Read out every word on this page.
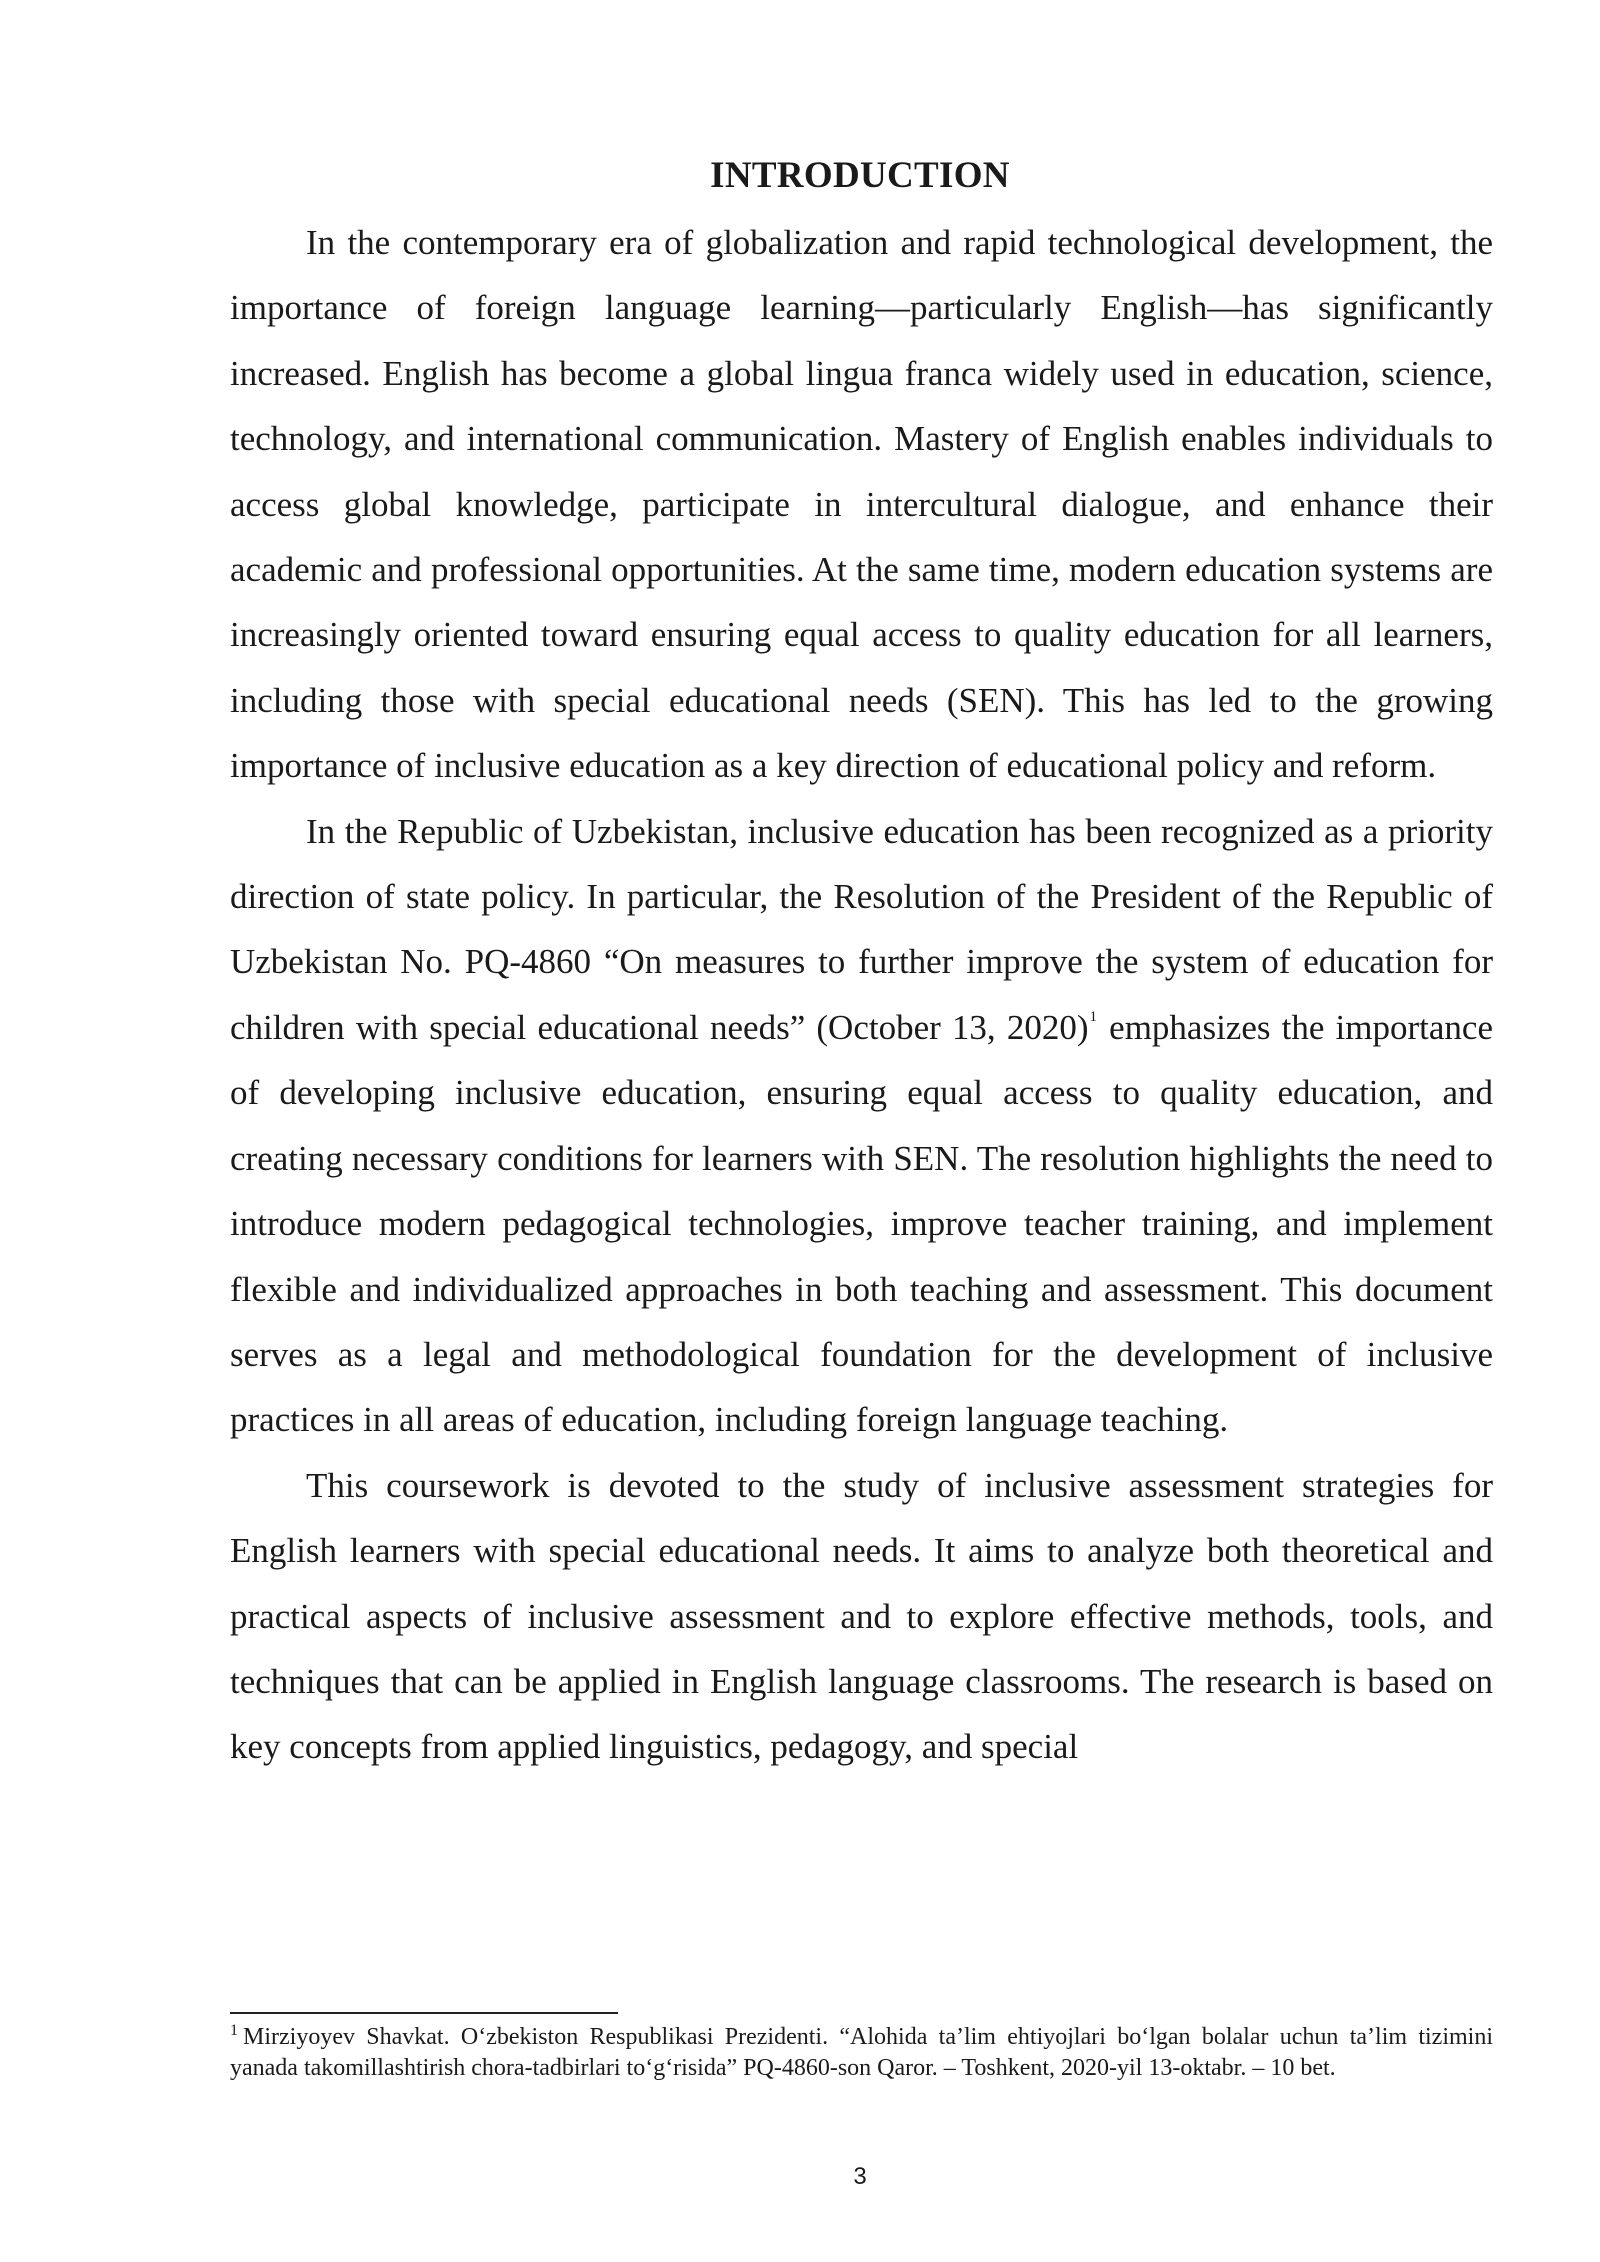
INTRODUCTION

In the contemporary era of globalization and rapid technological development, the importance of foreign language learning—particularly English—has significantly increased. English has become a global lingua franca widely used in education, science, technology, and international communication. Mastery of English enables individuals to access global knowledge, participate in intercultural dialogue, and enhance their academic and professional opportunities. At the same time, modern education systems are increasingly oriented toward ensuring equal access to quality education for all learners, including those with special educational needs (SEN). This has led to the growing importance of inclusive education as a key direction of educational policy and reform.

In the Republic of Uzbekistan, inclusive education has been recognized as a priority direction of state policy. In particular, the Resolution of the President of the Republic of Uzbekistan No. PQ-4860 “On measures to further improve the system of education for children with special educational needs” (October 13, 2020)$^1$ emphasizes the importance of developing inclusive education, ensuring equal access to quality education, and creating necessary conditions for learners with SEN. The resolution highlights the need to introduce modern pedagogical technologies, improve teacher training, and implement flexible and individualized approaches in both teaching and assessment. This document serves as a legal and methodological foundation for the development of inclusive practices in all areas of education, including foreign language teaching.

This coursework is devoted to the study of inclusive assessment strategies for English learners with special educational needs. It aims to analyze both theoretical and practical aspects of inclusive assessment and to explore effective methods, tools, and techniques that can be applied in English language classrooms. The research is based on key concepts from applied linguistics, pedagogy, and special

$^1$ Mirziyoyev Shavkat. O‘zbekiston Respublikasi Prezidenti. “Alohida ta’lim ehtiyojlari bo‘lgan bolalar uchun ta’lim tizimini yanada takomillashtirish chora-tadbirlari to‘g‘risida” PQ-4860-son Qaror. – Toshkent, 2020-yil 13-oktabr. – 10 bet.

3
